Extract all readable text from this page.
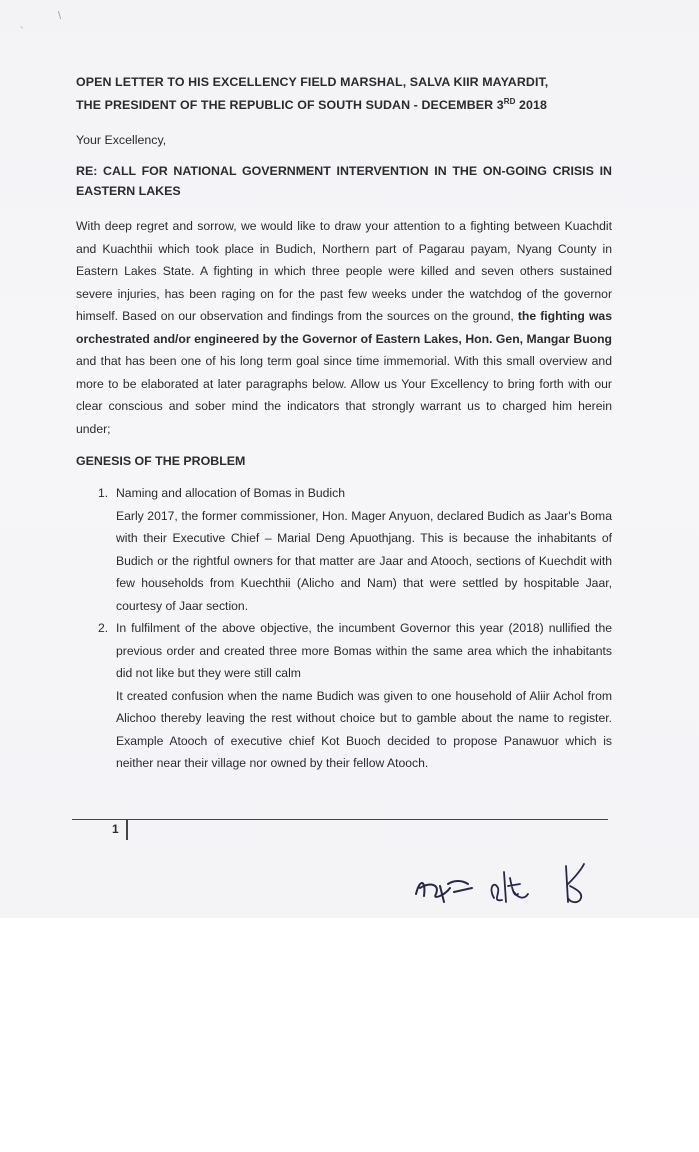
\
`

OPEN LETTER TO HIS EXCELLENCY FIELD MARSHAL, SALVA KIIR MAYARDIT,
THE PRESIDENT OF THE REPUBLIC OF SOUTH SUDAN - DECEMBER 3RD 2018

Your Excellency,

RE: CALL FOR NATIONAL GOVERNMENT INTERVENTION IN THE ON-GOING CRISIS IN EASTERN LAKES

With deep regret and sorrow, we would like to draw your attention to a fighting between Kuachdit and Kuachthii which took place in Budich, Northern part of Pagarau payam, Nyang County in Eastern Lakes State. A fighting in which three people were killed and seven others sustained severe injuries, has been raging on for the past few weeks under the watchdog of the governor himself. Based on our observation and findings from the sources on the ground, the fighting was orchestrated and/or engineered by the Governor of Eastern Lakes, Hon. Gen, Mangar Buong and that has been one of his long term goal since time immemorial. With this small overview and more to be elaborated at later paragraphs below. Allow us Your Excellency to bring forth with our clear conscious and sober mind the indicators that strongly warrant us to charged him herein under;

GENESIS OF THE PROBLEM

1. Naming and allocation of Bomas in Budich

Early 2017, the former commissioner, Hon. Mager Anyuon, declared Budich as Jaar's Boma with their Executive Chief – Marial Deng Apuothjang. This is because the inhabitants of Budich or the rightful owners for that matter are Jaar and Atooch, sections of Kuechdit with few households from Kuechthii (Alicho and Nam) that were settled by hospitable Jaar, courtesy of Jaar section.

2. In fulfilment of the above objective, the incumbent Governor this year (2018) nullified the previous order and created three more Bomas within the same area which the inhabitants did not like but they were still calm

It created confusion when the name Budich was given to one household of Aliir Achol from Alichoo thereby leaving the rest without choice but to gamble about the name to register. Example Atooch of executive chief Kot Buoch decided to propose Panawuor which is neither near their village nor owned by their fellow Atooch.

1
